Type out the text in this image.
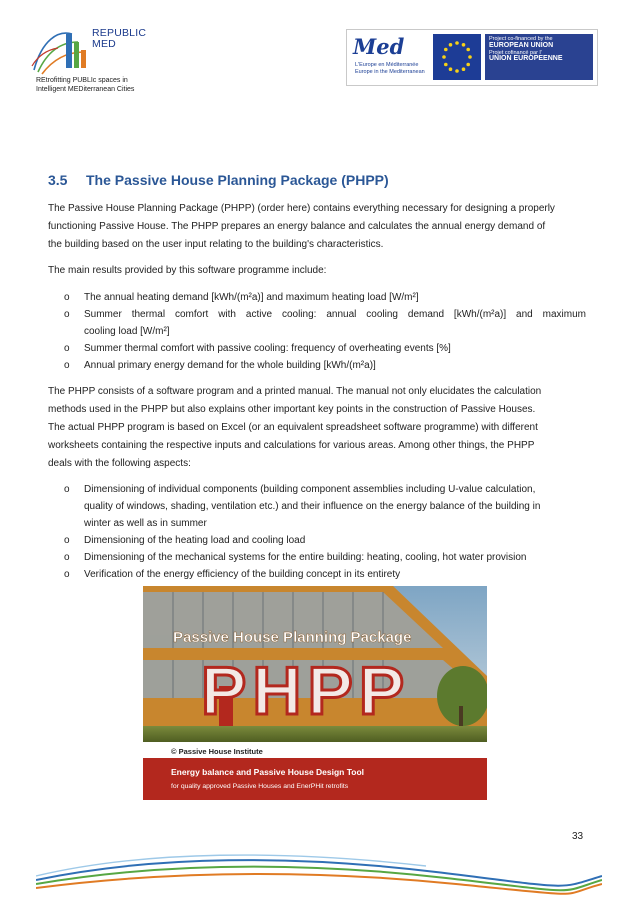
REPUBLIC

MED
REtrofitting PUBLIc spaces in
Intelligent MEDiterranean Cities
Med
L'Europe en Méditerranée
Europe in the Mediterranean
Project co-financed by the
EUROPEAN UNION
Projet cofinancé par l'
UNION EUROPEENNE
3.5 The Passive House Planning Package (PHPP)
The Passive House Planning Package (PHPP) (order here) contains everything necessary for designing a properly
functioning Passive House. The PHPP prepares an energy balance and calculates the annual energy demand of
the building based on the user input relating to the building's characteristics.
The main results provided by this software programme include:
o The annual heating demand [kWh/(m²a)] and maximum heating load [W/m²]
o Summer thermal comfort with active cooling: annual cooling demand [kWh/(m²a)] and maximum
cooling load [W/m²]
o Summer thermal comfort with passive cooling: frequency of overheating events [%]
o Annual primary energy demand for the whole building [kWh/(m²a)]
The PHPP consists of a software program and a printed manual. The manual not only elucidates the calculation
methods used in the PHPP but also explains other important key points in the construction of Passive Houses.
The actual PHPP program is based on Excel (or an equivalent spreadsheet software programme) with different
worksheets containing the respective inputs and calculations for various areas. Among other things, the PHPP
deals with the following aspects:
o Dimensioning of individual components (building component assemblies including U-value calculation,
quality of windows, shading, ventilation etc.) and their influence on the energy balance of the building in
winter as well as in summer
o Dimensioning of the heating load and cooling load
o Dimensioning of the mechanical systems for the entire building: heating, cooling, hot water provision
o Verification of the energy efficiency of the building concept in its entirety
Passive House Planning Package
PHPP
© Passive House Institute
Energy balance and Passive House Design Tool
for quality approved Passive Houses and EnerPHit retrofits
33
